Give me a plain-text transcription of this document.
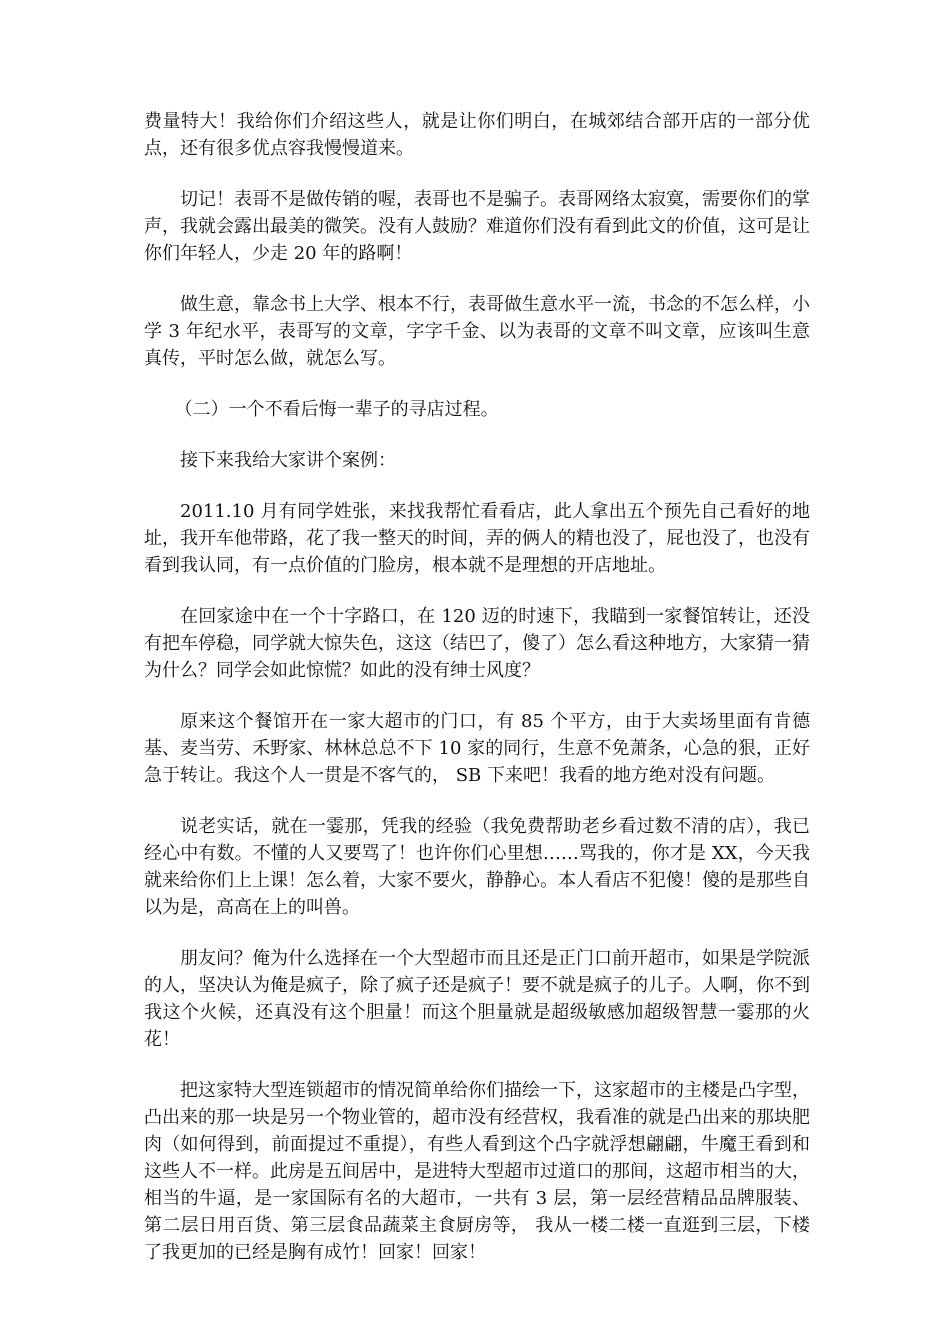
费量特大！我给你们介绍这些人，就是让你们明白，在城郊结合部开店的一部分优点，还有很多优点容我慢慢道来。

切记！表哥不是做传销的喔，表哥也不是骗子。表哥网络太寂寞，需要你们的掌声，我就会露出最美的微笑。没有人鼓励？难道你们没有看到此文的价值，这可是让你们年轻人，少走 20 年的路啊！

做生意，靠念书上大学、根本不行，表哥做生意水平一流，书念的不怎么样，小学 3 年纪水平，表哥写的文章，字字千金、以为表哥的文章不叫文章，应该叫生意真传，平时怎么做，就怎么写。

（二）一个不看后悔一辈子的寻店过程。

接下来我给大家讲个案例：

2011.10 月有同学姓张，来找我帮忙看看店，此人拿出五个预先自己看好的地址，我开车他带路，花了我一整天的时间，弄的俩人的精也没了，屁也没了，也没有看到我认同，有一点价值的门脸房，根本就不是理想的开店地址。

在回家途中在一个十字路口，在 120 迈的时速下，我瞄到一家餐馆转让，还没有把车停稳，同学就大惊失色，这这（结巴了，傻了）怎么看这种地方，大家猜一猜为什么？同学会如此惊慌？如此的没有绅士风度？

原来这个餐馆开在一家大超市的门口，有 85 个平方，由于大卖场里面有肯德基、麦当劳、禾野家、林林总总不下 10 家的同行，生意不免萧条，心急的狠，正好急于转让。我这个人一贯是不客气的， SB 下来吧！我看的地方绝对没有问题。

说老实话，就在一霎那，凭我的经验（我免费帮助老乡看过数不清的店），我已经心中有数。不懂的人又要骂了！也许你们心里想……骂我的，你才是 XX，今天我就来给你们上上课！怎么着，大家不要火，静静心。本人看店不犯傻！傻的是那些自以为是，高高在上的叫兽。

朋友问？俺为什么选择在一个大型超市而且还是正门口前开超市，如果是学院派的人，坚决认为俺是疯子，除了疯子还是疯子！要不就是疯子的儿子。人啊，你不到我这个火候，还真没有这个胆量！而这个胆量就是超级敏感加超级智慧一霎那的火花！

把这家特大型连锁超市的情况简单给你们描绘一下，这家超市的主楼是凸字型，凸出来的那一块是另一个物业管的，超市没有经营权，我看准的就是凸出来的那块肥肉（如何得到，前面提过不重提），有些人看到这个凸字就浮想翩翩，牛魔王看到和这些人不一样。此房是五间居中，是进特大型超市过道口的那间，这超市相当的大，相当的牛逼，是一家国际有名的大超市，一共有 3 层，第一层经营精品品牌服装、第二层日用百货、第三层食品蔬菜主食厨房等， 我从一楼二楼一直逛到三层，下楼了我更加的已经是胸有成竹！回家！回家！
